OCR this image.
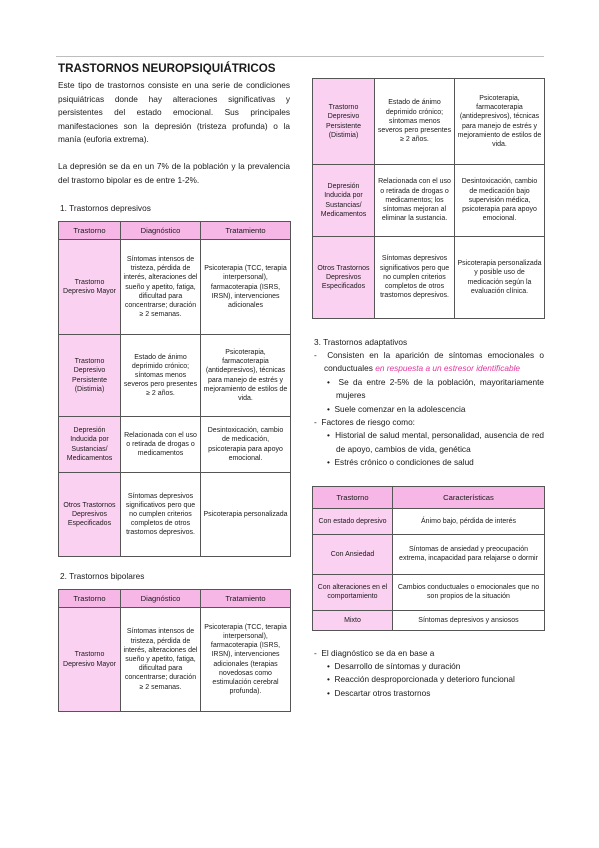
TRASTORNOS NEUROPSIQUIÁTRICOS

Este tipo de trastornos consiste en una serie de condiciones psiquiátricas donde hay alteraciones significativas y persistentes del estado emocional. Sus principales manifestaciones son la depresión (tristeza profunda) o la manía (euforia extrema).

La depresión se da en un 7% de la población y la prevalencia del trastorno bipolar es de entre 1-2%.

1. Trastornos depresivos
Trastorno	Diagnóstico	Tratamiento
Trastorno Depresivo Mayor	Síntomas intensos de tristeza, pérdida de interés, alteraciones del sueño y apetito, fatiga, dificultad para concentrarse; duración ≥ 2 semanas.	Psicoterapia (TCC, terapia interpersonal), farmacoterapia (ISRS, IRSN), intervenciones adicionales
Trastorno Depresivo Persistente (Distimia)	Estado de ánimo deprimido crónico; síntomas menos severos pero presentes ≥ 2 años.	Psicoterapia, farmacoterapia (antidepresivos), técnicas para manejo de estrés y mejoramiento de estilos de vida.
Depresión Inducida por Sustancias/ Medicamentos	Relacionada con el uso o retirada de drogas o medicamentos	Desintoxicación, cambio de medicación, psicoterapia para apoyo emocional.
Otros Trastornos Depresivos Especificados	Síntomas depresivos significativos pero que no cumplen criterios completos de otros trastornos depresivos.	Psicoterapia personalizada
2. Trastornos bipolares
Trastorno	Diagnóstico	Tratamiento
Trastorno Depresivo Mayor	Síntomas intensos de tristeza, pérdida de interés, alteraciones del sueño y apetito, fatiga, dificultad para concentrarse; duración ≥ 2 semanas.	Psicoterapia (TCC, terapia interpersonal), farmacoterapia (ISRS, IRSN), intervenciones adicionales (terapias novedosas como estimulación cerebral profunda).
Trastorno Depresivo Persistente (Distimia)	Estado de ánimo deprimido crónico; síntomas menos severos pero presentes ≥ 2 años.	Psicoterapia, farmacoterapia (antidepresivos), técnicas para manejo de estrés y mejoramiento de estilos de vida.
Depresión Inducida por Sustancias/ Medicamentos	Relacionada con el uso o retirada de drogas o medicamentos; los síntomas mejoran al eliminar la sustancia.	Desintoxicación, cambio de medicación bajo supervisión médica, psicoterapia para apoyo emocional.
Otros Trastornos Depresivos Especificados	Síntomas depresivos significativos pero que no cumplen criterios completos de otros trastornos depresivos.	Psicoterapia personalizada y posible uso de medicación según la evaluación clínica.
3. Trastornos adaptativos
-  Consisten en la aparición de síntomas emocionales o conductuales en respuesta a un estresor identificable
•  Se da entre 2-5% de la población, mayoritariamente mujeres
•  Suele comenzar en la adolescencia
-  Factores de riesgo como:
•  Historial de salud mental, personalidad, ausencia de red de apoyo, cambios de vida, genética
•  Estrés crónico o condiciones de salud
Trastorno	Características
Con estado depresivo	Ánimo bajo, pérdida de interés
Con Ansiedad	Síntomas de ansiedad y preocupación extrema, incapacidad para relajarse o dormir
Con alteraciones en el comportamiento	Cambios conductuales o emocionales que no son propios de la situación
Mixto	Síntomas depresivos y ansiosos
-  El diagnóstico se da en base a
•  Desarrollo de síntomas y duración
•  Reacción desproporcionada y deterioro funcional
•  Descartar otros trastornos
